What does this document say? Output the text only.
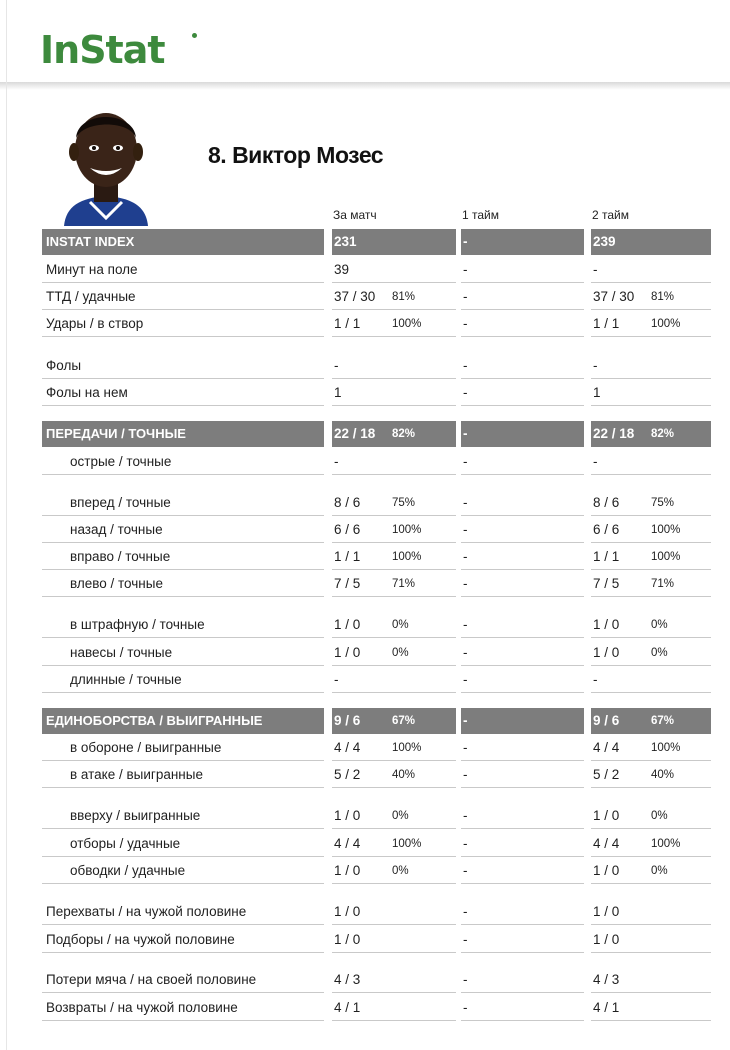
InStat
8. Виктор Мозес
За матч	1 тайм	2 тайм
INSTAT INDEX	231	-	239
Минут на поле	39	-	-
ТТД / удачные	37 / 30 81%	-	37 / 30 81%
Удары / в створ	1 / 1	100%	-	1 / 1	100%
Фолы	-	-	-
Фолы на нем	1	-	1
ПЕРЕДАЧИ / ТОЧНЫЕ	22 / 18 82%	-	22 / 18 82%
острые / точные	-	-	-
вперед / точные	8 / 6	75%	-	8 / 6	75%
назад / точные	6 / 6	100%	-	6 / 6	100%
вправо / точные	1 / 1	100%	-	1 / 1	100%
влево / точные	7 / 5	71%	-	7 / 5	71%
в штрафную / точные	1 / 0	0%	-	1 / 0	0%
навесы / точные	1 / 0	0%	-	1 / 0	0%
длинные / точные	-	-	-
ЕДИНОБОРСТВА / ВЫИГРАННЫЕ	9 / 6	67%	-	9 / 6	67%
в обороне / выигранные	4 / 4	100%	-	4 / 4	100%
в атаке / выигранные	5 / 2	40%	-	5 / 2	40%
вверху / выигранные	1 / 0	0%	-	1 / 0	0%
отборы / удачные	4 / 4	100%	-	4 / 4	100%
обводки / удачные	1 / 0	0%	-	1 / 0	0%
Перехваты / на чужой половине	1 / 0	-	1 / 0
Подборы / на чужой половине	1 / 0	-	1 / 0
Потери мяча / на своей половине	4 / 3	-	4 / 3
Возвраты / на чужой половине	4 / 1	-	4 / 1
